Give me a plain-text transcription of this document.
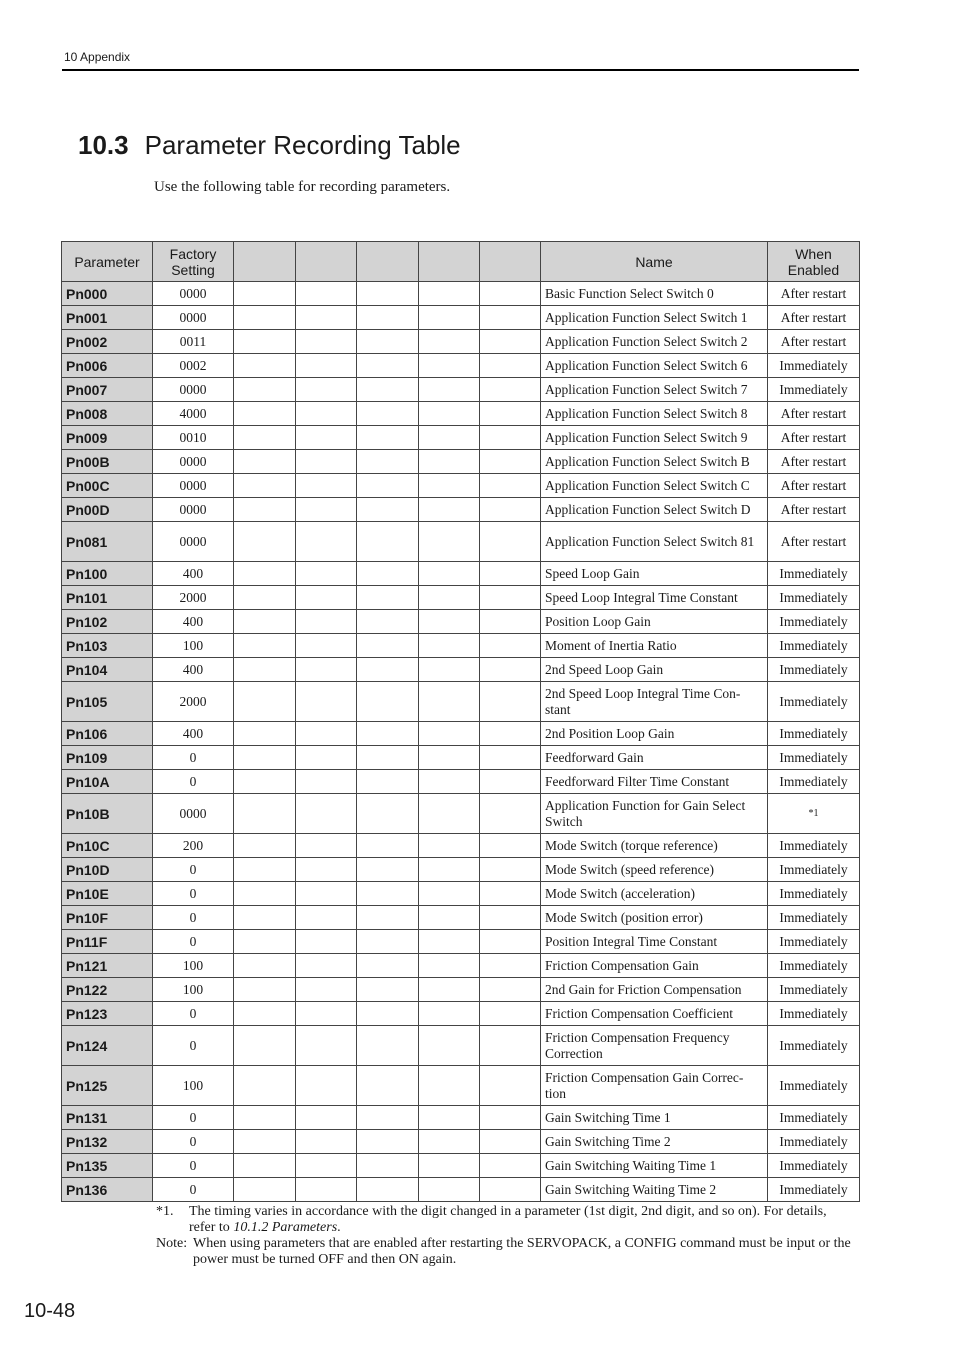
10 Appendix
10.3 Parameter Recording Table
Use the following table for recording parameters.
Parameter	Factory Setting						Name	When Enabled
Pn000	0000						Basic Function Select Switch 0	After restart
Pn001	0000						Application Function Select Switch 1	After restart
Pn002	0011						Application Function Select Switch 2	After restart
Pn006	0002						Application Function Select Switch 6	Immediately
Pn007	0000						Application Function Select Switch 7	Immediately
Pn008	4000						Application Function Select Switch 8	After restart
Pn009	0010						Application Function Select Switch 9	After restart
Pn00B	0000						Application Function Select Switch B	After restart
Pn00C	0000						Application Function Select Switch C	After restart
Pn00D	0000						Application Function Select Switch D	After restart
Pn081	0000						Application Function Select Switch 81	After restart
Pn100	400						Speed Loop Gain	Immediately
Pn101	2000						Speed Loop Integral Time Constant	Immediately
Pn102	400						Position Loop Gain	Immediately
Pn103	100						Moment of Inertia Ratio	Immediately
Pn104	400						2nd Speed Loop Gain	Immediately
Pn105	2000						2nd Speed Loop Integral Time Con-stant	Immediately
Pn106	400						2nd Position Loop Gain	Immediately
Pn109	0						Feedforward Gain	Immediately
Pn10A	0						Feedforward Filter Time Constant	Immediately
Pn10B	0000						Application Function for Gain Select Switch	*1
Pn10C	200						Mode Switch (torque reference)	Immediately
Pn10D	0						Mode Switch (speed reference)	Immediately
Pn10E	0						Mode Switch (acceleration)	Immediately
Pn10F	0						Mode Switch (position error)	Immediately
Pn11F	0						Position Integral Time Constant	Immediately
Pn121	100						Friction Compensation Gain	Immediately
Pn122	100						2nd Gain for Friction Compensation	Immediately
Pn123	0						Friction Compensation Coefficient	Immediately
Pn124	0						Friction Compensation Frequency Correction	Immediately
Pn125	100						Friction Compensation Gain Correc-tion	Immediately
Pn131	0						Gain Switching Time 1	Immediately
Pn132	0						Gain Switching Time 2	Immediately
Pn135	0						Gain Switching Waiting Time 1	Immediately
Pn136	0						Gain Switching Waiting Time 2	Immediately
*1.	The timing varies in accordance with the digit changed in a parameter (1st digit, 2nd digit, and so on). For details, refer to 10.1.2 Parameters.
Note: When using parameters that are enabled after restarting the SERVOPACK, a CONFIG command must be input or the power must be turned OFF and then ON again.
10-48
